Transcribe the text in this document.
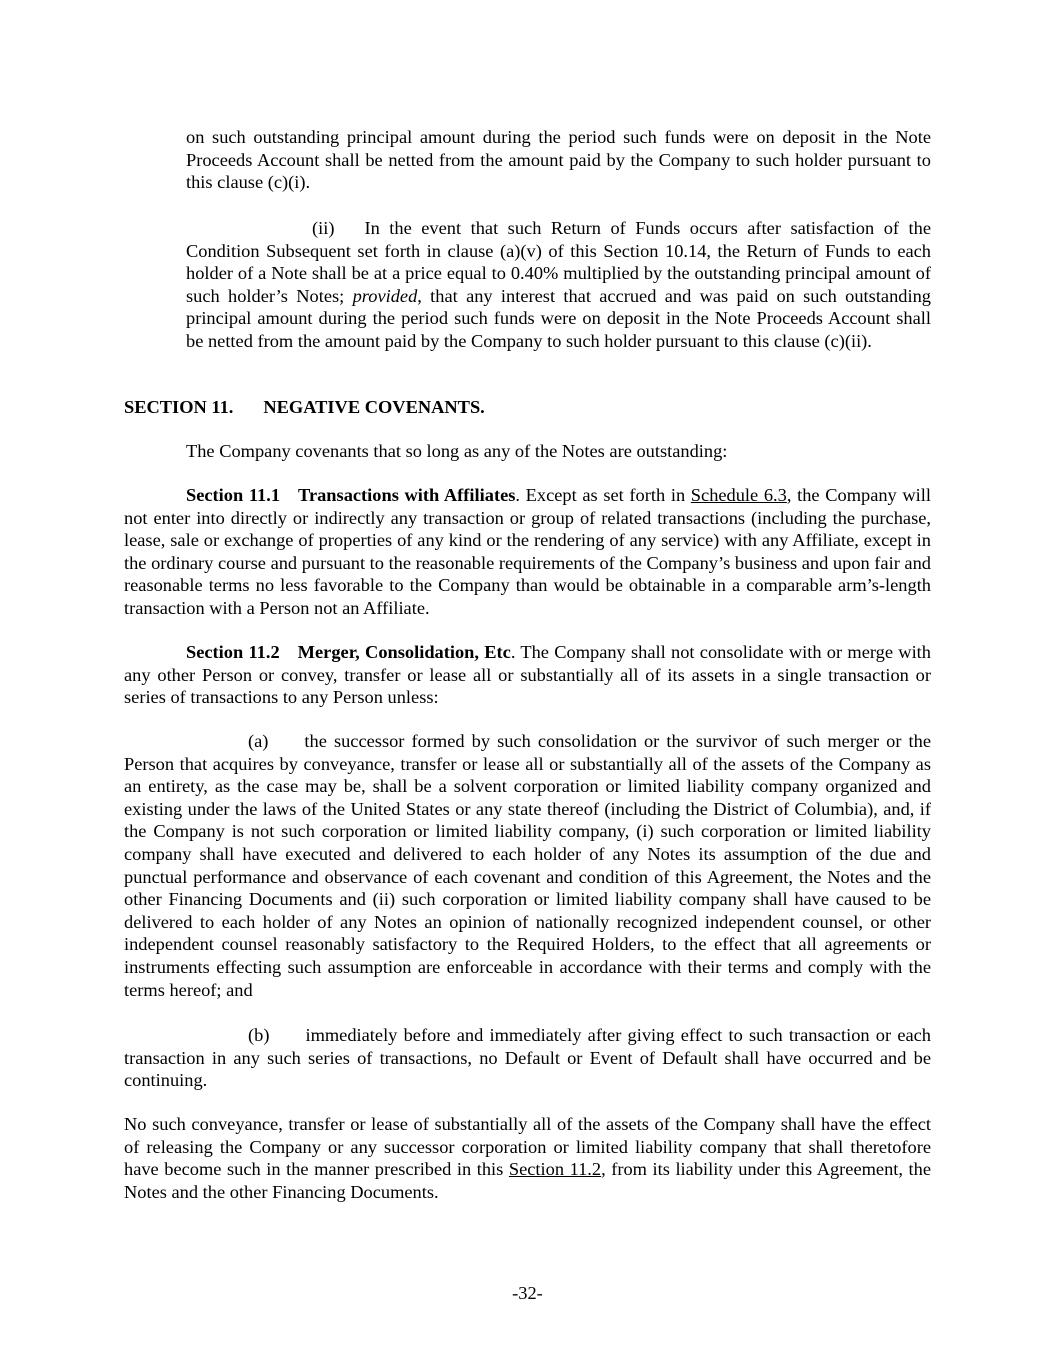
on such outstanding principal amount during the period such funds were on deposit in the Note Proceeds Account shall be netted from the amount paid by the Company to such holder pursuant to this clause (c)(i).

(ii) In the event that such Return of Funds occurs after satisfaction of the Condition Subsequent set forth in clause (a)(v) of this Section 10.14, the Return of Funds to each holder of a Note shall be at a price equal to 0.40% multiplied by the outstanding principal amount of such holder’s Notes; provided, that any interest that accrued and was paid on such outstanding principal amount during the period such funds were on deposit in the Note Proceeds Account shall be netted from the amount paid by the Company to such holder pursuant to this clause (c)(ii).

SECTION 11. NEGATIVE COVENANTS.

The Company covenants that so long as any of the Notes are outstanding:

Section 11.1 Transactions with Affiliates. Except as set forth in Schedule 6.3, the Company will not enter into directly or indirectly any transaction or group of related transactions (including the purchase, lease, sale or exchange of properties of any kind or the rendering of any service) with any Affiliate, except in the ordinary course and pursuant to the reasonable requirements of the Company’s business and upon fair and reasonable terms no less favorable to the Company than would be obtainable in a comparable arm’s-length transaction with a Person not an Affiliate.

Section 11.2 Merger, Consolidation, Etc. The Company shall not consolidate with or merge with any other Person or convey, transfer or lease all or substantially all of its assets in a single transaction or series of transactions to any Person unless:

(a) the successor formed by such consolidation or the survivor of such merger or the Person that acquires by conveyance, transfer or lease all or substantially all of the assets of the Company as an entirety, as the case may be, shall be a solvent corporation or limited liability company organized and existing under the laws of the United States or any state thereof (including the District of Columbia), and, if the Company is not such corporation or limited liability company, (i) such corporation or limited liability company shall have executed and delivered to each holder of any Notes its assumption of the due and punctual performance and observance of each covenant and condition of this Agreement, the Notes and the other Financing Documents and (ii) such corporation or limited liability company shall have caused to be delivered to each holder of any Notes an opinion of nationally recognized independent counsel, or other independent counsel reasonably satisfactory to the Required Holders, to the effect that all agreements or instruments effecting such assumption are enforceable in accordance with their terms and comply with the terms hereof; and

(b) immediately before and immediately after giving effect to such transaction or each transaction in any such series of transactions, no Default or Event of Default shall have occurred and be continuing.

No such conveyance, transfer or lease of substantially all of the assets of the Company shall have the effect of releasing the Company or any successor corporation or limited liability company that shall theretofore have become such in the manner prescribed in this Section 11.2, from its liability under this Agreement, the Notes and the other Financing Documents.

-32-
